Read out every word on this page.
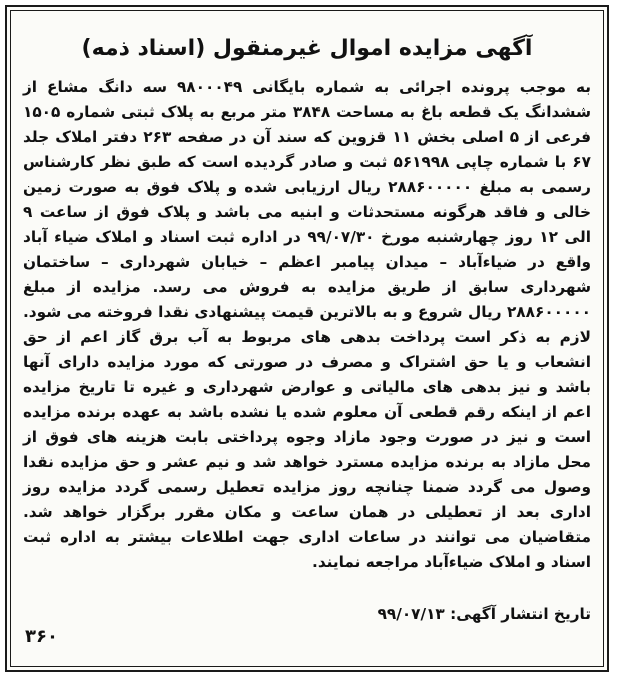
آگهی مزایده اموال غیرمنقول (اسناد ذمه)
به موجب پرونده اجرائی به شماره بایگانی ۹۸۰۰۰۴۹ سه دانگ مشاع از ششدانگ یک قطعه باغ به مساحت ۳۸۴۸ متر مربع به پلاک ثبتی شماره ۱۵۰۵ فرعی از ۵ اصلی بخش ۱۱ قزوین که سند آن در صفحه ۲۶۳ دفتر املاک جلد ۶۷ با شماره چاپی ۵۶۱۹۹۸ ثبت و صادر گردیده است که طبق نظر کارشناس رسمی به مبلغ ۲۸۸۶۰۰۰۰۰ ریال ارزیابی شده و پلاک فوق به صورت زمین خالی و فاقد هرگونه مستحدثات و ابنیه می باشد و پلاک فوق از ساعت ۹ الی ۱۲ روز چهارشنبه مورخ ۹۹/۰۷/۳۰ در اداره ثبت اسناد و املاک ضیاء آباد واقع در ضیاءآباد – میدان پیامبر اعظم – خیابان شهرداری – ساختمان شهرداری سابق از طریق مزایده به فروش می رسد. مزایده از مبلغ ۲۸۸۶۰۰۰۰۰ ریال شروع و به بالاترین قیمت پیشنهادی نقدا فروخته می شود. لازم به ذکر است پرداخت بدهی های مربوط به آب برق گاز اعم از حق انشعاب و یا حق اشتراک و مصرف در صورتی که مورد مزایده دارای آنها باشد و نیز بدهی های مالیاتی و عوارض شهرداری و غیره تا تاریخ مزایده اعم از اینکه رقم قطعی آن معلوم شده یا نشده باشد به عهده برنده مزایده است و نیز در صورت وجود مازاد وجوه پرداختی بابت هزینه های فوق از محل مازاد به برنده مزایده مسترد خواهد شد و نیم عشر و حق مزایده نقدا وصول می گردد ضمنا چنانچه روز مزایده تعطیل رسمی گردد مزایده روز اداری بعد از تعطیلی در همان ساعت و مکان مقرر برگزار خواهد شد. متقاضیان می توانند در ساعات اداری جهت اطلاعات بیشتر به اداره ثبت اسناد و املاک ضیاءآباد مراجعه نمایند.
تاریخ انتشار آگهی: ۹۹/۰۷/۱۳
۳۶۰
